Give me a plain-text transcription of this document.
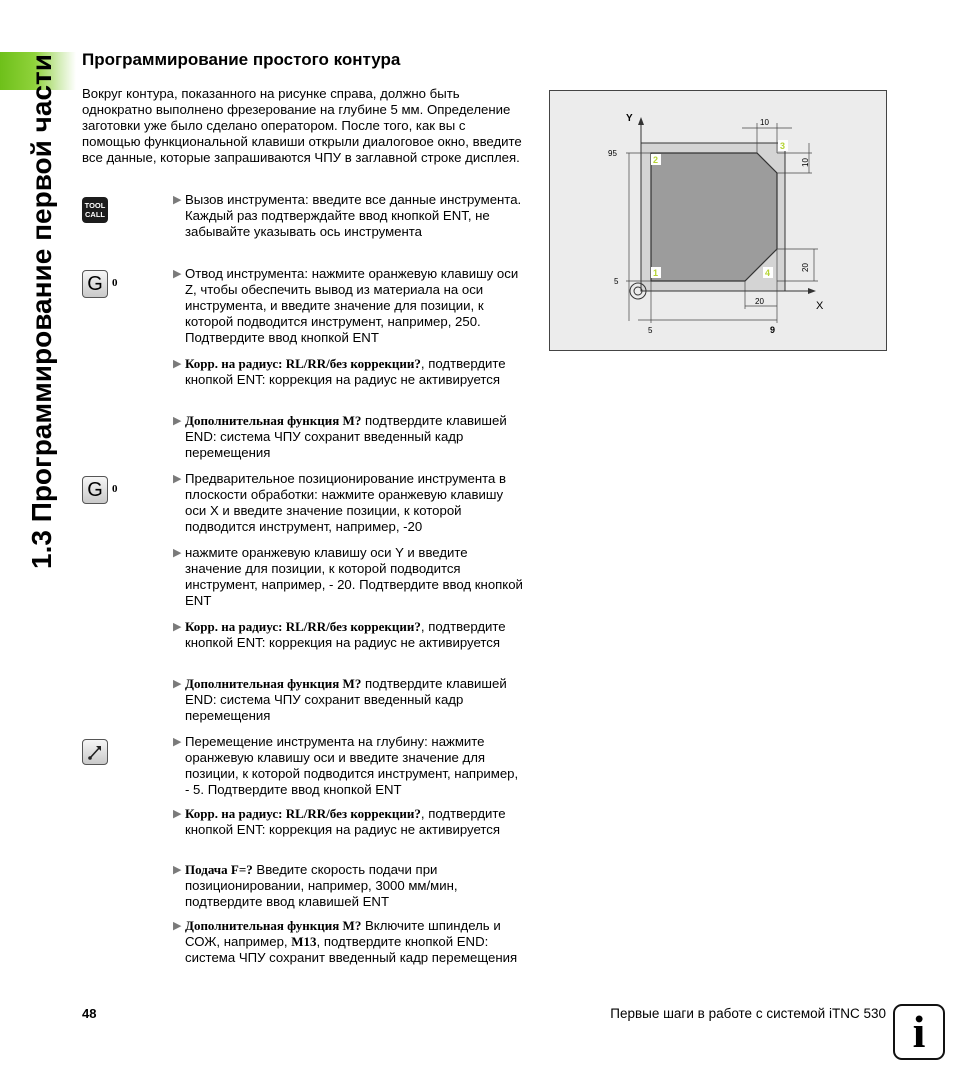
1.3 Программирование первой части Программирование простого контура
Вокруг контура, показанного на рисунке справа, должно быть однократно выполнено фрезерование на глубине 5 мм. Определение заготовки уже было сделано оператором. После того, как вы с помощью функциональной клавиши открыли диалоговое окно, введите все данные, которые запрашиваются ЧПУ в заглавной строке дисплея.
Y
X
95
5
5	9
10
20
10
20
2
3
1	4
TOOL
CALL
G 0
G 0
▶ Вызов инструмента: введите все данные инструмента. Каждый раз подтверждайте ввод кнопкой ENT, не забывайте указывать ось инструмента
▶ Отвод инструмента: нажмите оранжевую клавишу оси Z, чтобы обеспечить вывод из материала на оси инструмента, и введите значение для позиции, к которой подводится инструмент, например, 250. Подтвердите ввод кнопкой ENT
▶ Корр. на радиус: RL/RR/без коррекции?, подтвердите кнопкой ENT: коррекция на радиус не активируется
▶ Дополнительная функция M? подтвердите клавишей END: система ЧПУ сохранит введенный кадр перемещения
▶ Предварительное позиционирование инструмента в плоскости обработки: нажмите оранжевую клавишу оси X и введите значение позиции, к которой подводится инструмент, например, -20
▶ нажмите оранжевую клавишу оси Y и введите значение для позиции, к которой подводится инструмент, например, - 20. Подтвердите ввод кнопкой ENT
▶ Корр. на радиус: RL/RR/без коррекции?, подтвердите кнопкой ENT: коррекция на радиус не активируется
▶ Дополнительная функция M? подтвердите клавишей END: система ЧПУ сохранит введенный кадр перемещения
▶ Перемещение инструмента на глубину: нажмите оранжевую клавишу оси и введите значение для позиции, к которой подводится инструмент, например, - 5. Подтвердите ввод кнопкой ENT
▶ Корр. на радиус: RL/RR/без коррекции?, подтвердите кнопкой ENT: коррекция на радиус не активируется
▶ Подача F=? Введите скорость подачи при позиционировании, например, 3000 мм/мин, подтвердите ввод клавишей ENT
▶ Дополнительная функция M? Включите шпиндель и СОЖ, например, M13, подтвердите кнопкой END: система ЧПУ сохранит введенный кадр перемещения
48	Первые шаги в работе с системой iTNC 530 i
